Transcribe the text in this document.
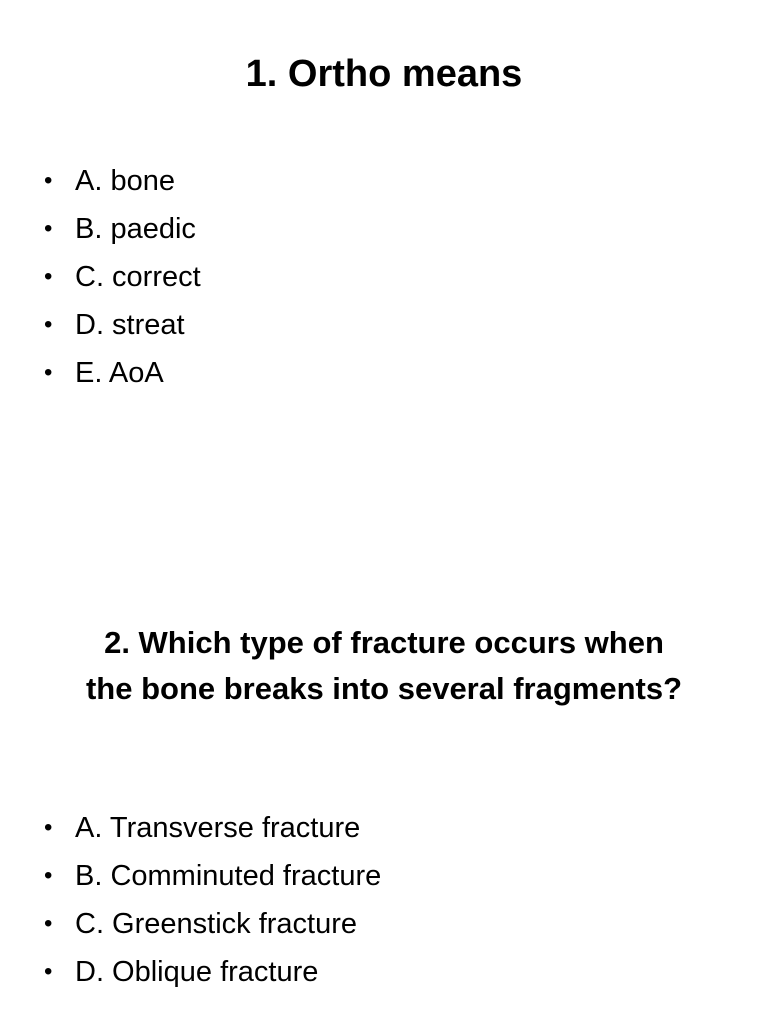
1. Ortho means
• A. bone
• B. paedic
• C. correct
• D. streat
• E. AoA
2. Which type of fracture occurs when
the bone breaks into several fragments?
• A. Transverse fracture
• B. Comminuted fracture
• C. Greenstick fracture
• D. Oblique fracture
